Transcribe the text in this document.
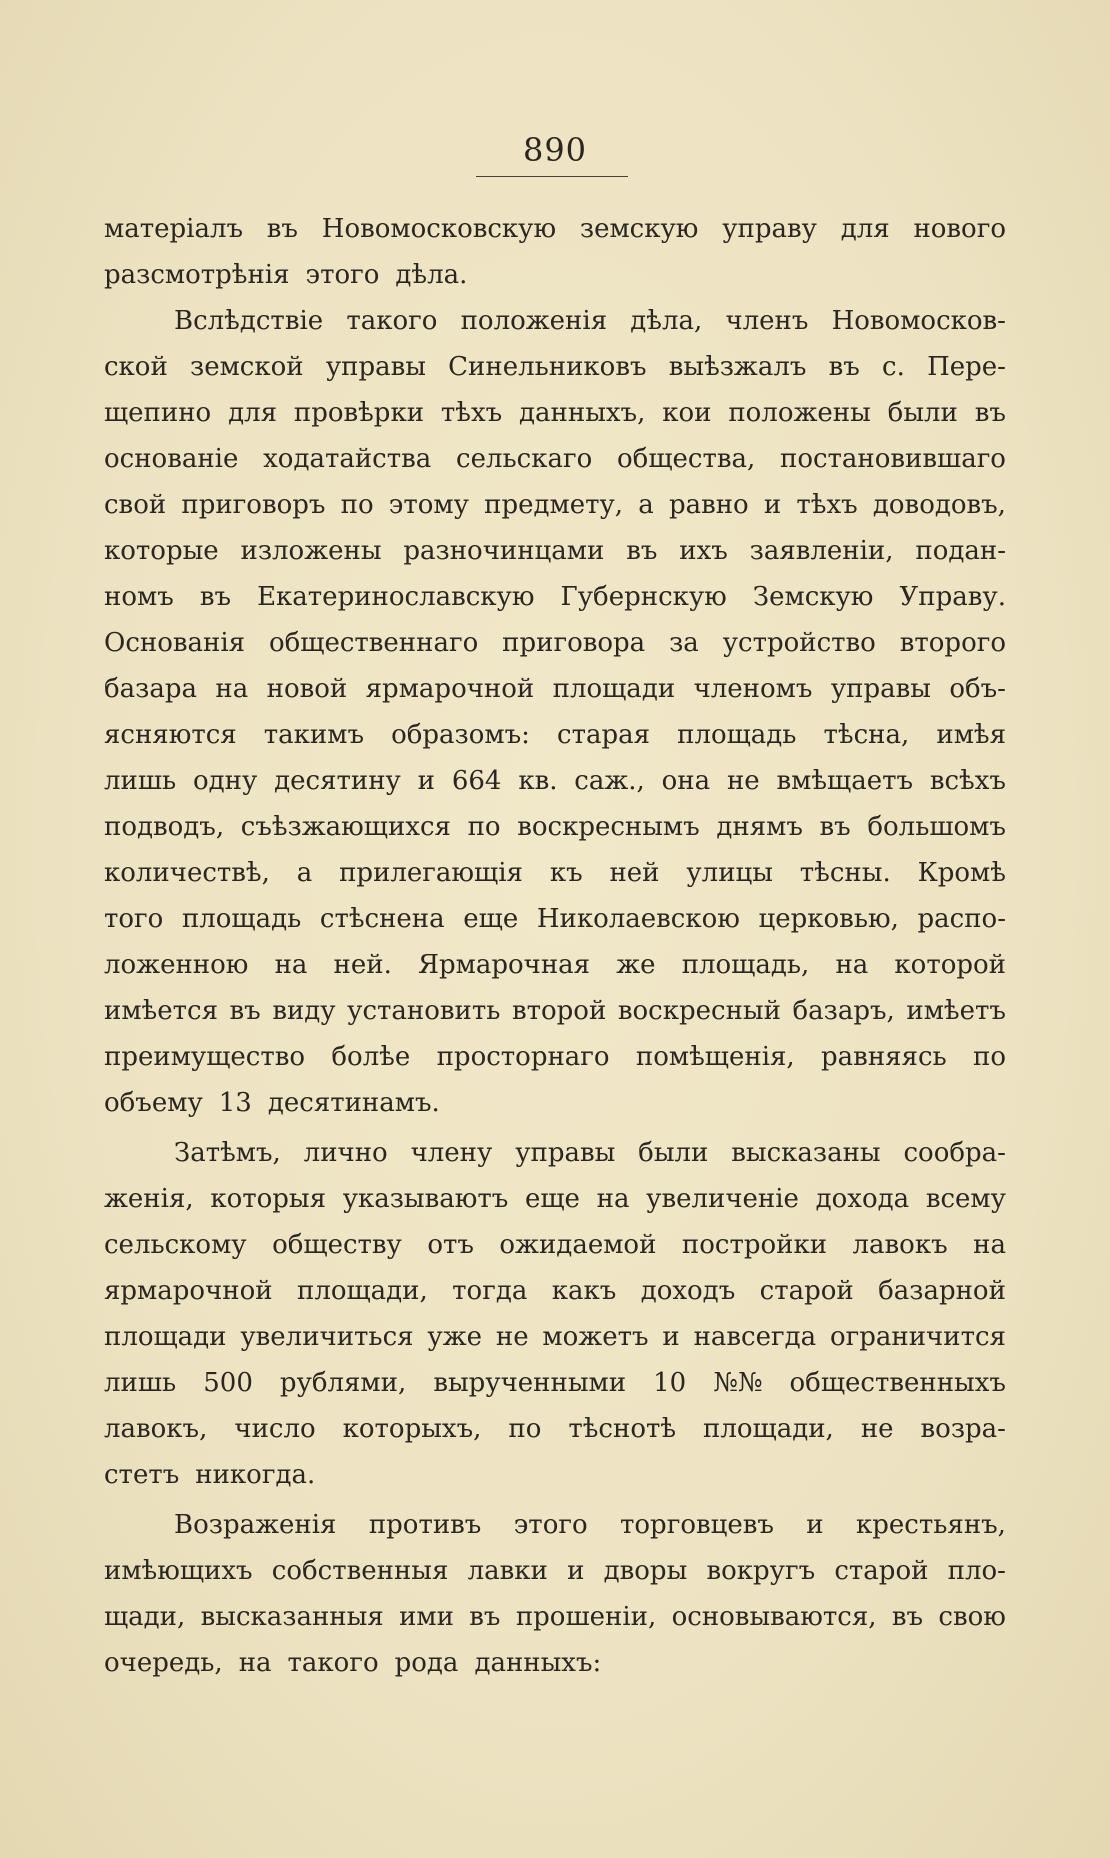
890
матеріалъ въ Новомосковскую земскую управу для нового
разсмотрѣнія этого дѣла.
Вслѣдствіе такого положенія дѣла, членъ Новомосков-
ской земской управы Синельниковъ выѣзжалъ въ с. Пере-
щепино для провѣрки тѣхъ данныхъ, кои положены были въ
основаніе ходатайства сельскаго общества, постановившаго
свой приговоръ по этому предмету, а равно и тѣхъ доводовъ,
которые изложены разночинцами въ ихъ заявленіи, подан-
номъ въ Екатеринославскую Губернскую Земскую Управу.
Основанія общественнаго приговора за устройство второго
базара на новой ярмарочной площади членомъ управы объ-
ясняются такимъ образомъ: старая площадь тѣсна, имѣя
лишь одну десятину и 664 кв. саж., она не вмѣщаетъ всѣхъ
подводъ, съѣзжающихся по воскреснымъ днямъ въ большомъ
количествѣ, а прилегающія къ ней улицы тѣсны. Кромѣ
того площадь стѣснена еще Николаевскою церковью, распо-
ложенною на ней. Ярмарочная же площадь, на которой
имѣется въ виду установить второй воскресный базаръ, имѣетъ
преимущество болѣе просторнаго помѣщенія, равняясь по
объему 13 десятинамъ.
Затѣмъ, лично члену управы были высказаны сообра-
женія, которыя указываютъ еще на увеличеніе дохода всему
сельскому обществу отъ ожидаемой постройки лавокъ на
ярмарочной площади, тогда какъ доходъ старой базарной
площади увеличиться уже не можетъ и навсегда ограничится
лишь 500 рублями, вырученными 10 №№ общественныхъ
лавокъ, число которыхъ, по тѣснотѣ площади, не возра-
стетъ никогда.
Возраженія противъ этого торговцевъ и крестьянъ,
имѣющихъ собственныя лавки и дворы вокругъ старой пло-
щади, высказанныя ими въ прошеніи, основываются, въ свою
очередь, на такого рода данныхъ:
